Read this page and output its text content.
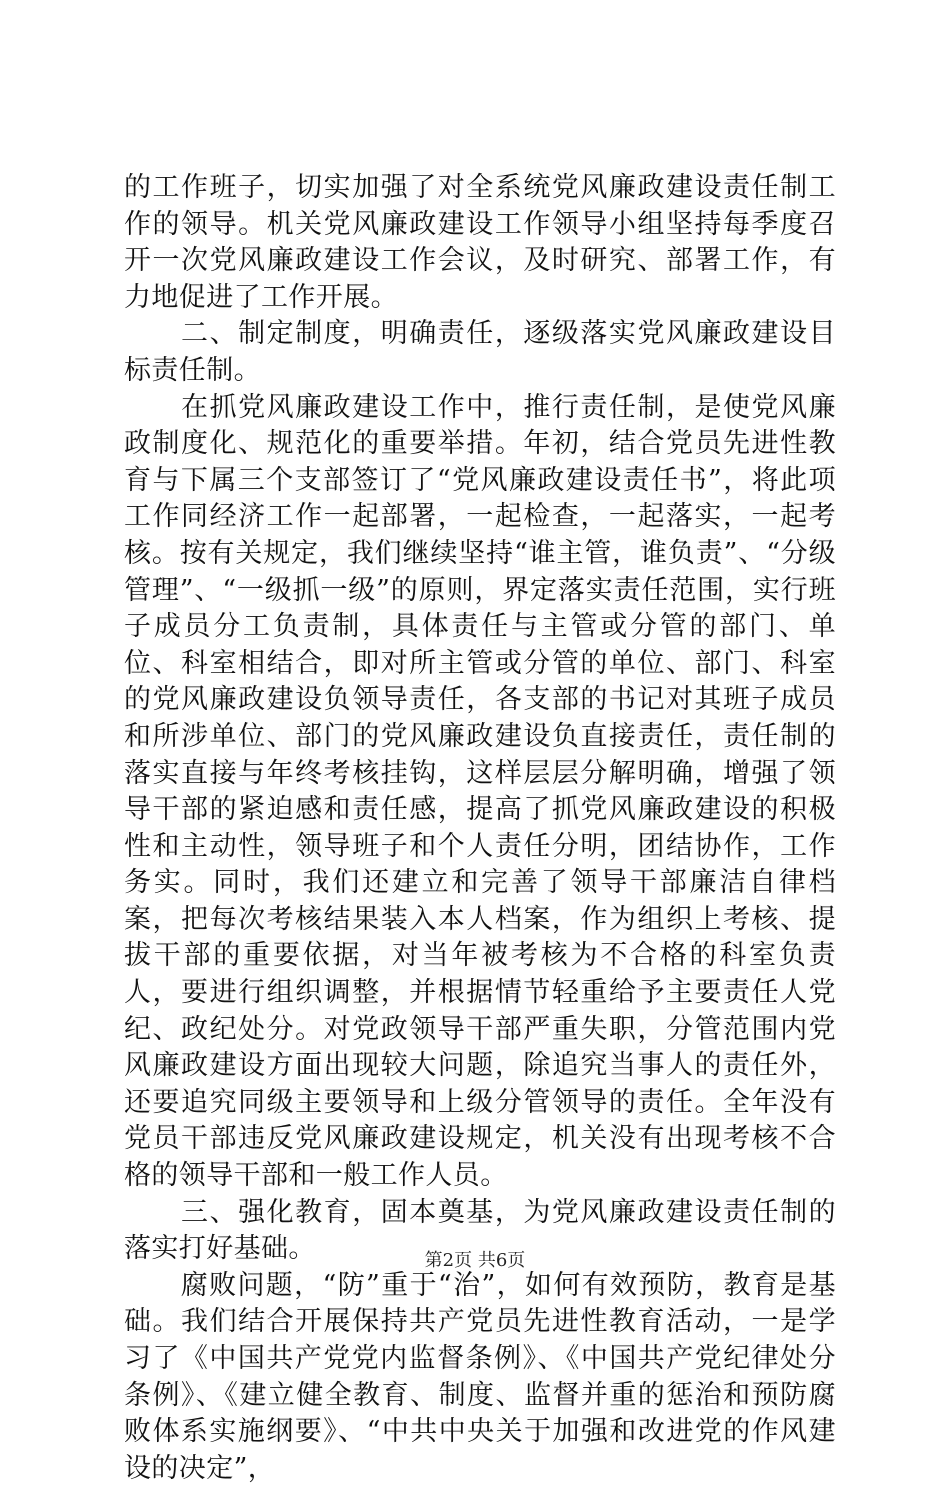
的工作班子，切实加强了对全系统党风廉政建设责任制工作的领导。机关党风廉政建设工作领导小组坚持每季度召开一次党风廉政建设工作会议，及时研究、部署工作，有力地促进了工作开展。

　　二、制定制度，明确责任，逐级落实党风廉政建设目标责任制。

　　在抓党风廉政建设工作中，推行责任制，是使党风廉政制度化、规范化的重要举措。年初，结合党员先进性教育与下属三个支部签订了“党风廉政建设责任书”，将此项工作同经济工作一起部署，一起检查，一起落实，一起考核。按有关规定，我们继续坚持“谁主管，谁负责”、“分级管理”、“一级抓一级”的原则，界定落实责任范围，实行班子成员分工负责制，具体责任与主管或分管的部门、单位、科室相结合，即对所主管或分管的单位、部门、科室的党风廉政建设负领导责任，各支部的书记对其班子成员和所涉单位、部门的党风廉政建设负直接责任，责任制的落实直接与年终考核挂钩，这样层层分解明确，增强了领导干部的紧迫感和责任感，提高了抓党风廉政建设的积极性和主动性，领导班子和个人责任分明，团结协作，工作务实。同时，我们还建立和完善了领导干部廉洁自律档案，把每次考核结果装入本人档案，作为组织上考核、提拔干部的重要依据，对当年被考核为不合格的科室负责人，要进行组织调整，并根据情节轻重给予主要责任人党纪、政纪处分。对党政领导干部严重失职，分管范围内党风廉政建设方面出现较大问题，除追究当事人的责任外，还要追究同级主要领导和上级分管领导的责任。全年没有党员干部违反党风廉政建设规定，机关没有出现考核不合格的领导干部和一般工作人员。

　　三、强化教育，固本奠基，为党风廉政建设责任制的落实打好基础。

　　腐败问题，“防”重于“治”，如何有效预防，教育是基础。我们结合开展保持共产党员先进性教育活动，一是学习了《中国共产党党内监督条例》、《中国共产党纪律处分条例》、《建立健全教育、制度、监督并重的惩治和预防腐败体系实施纲要》、“中共中央关于加强和改进党的作风建设的决定”，

第2页 共6页
